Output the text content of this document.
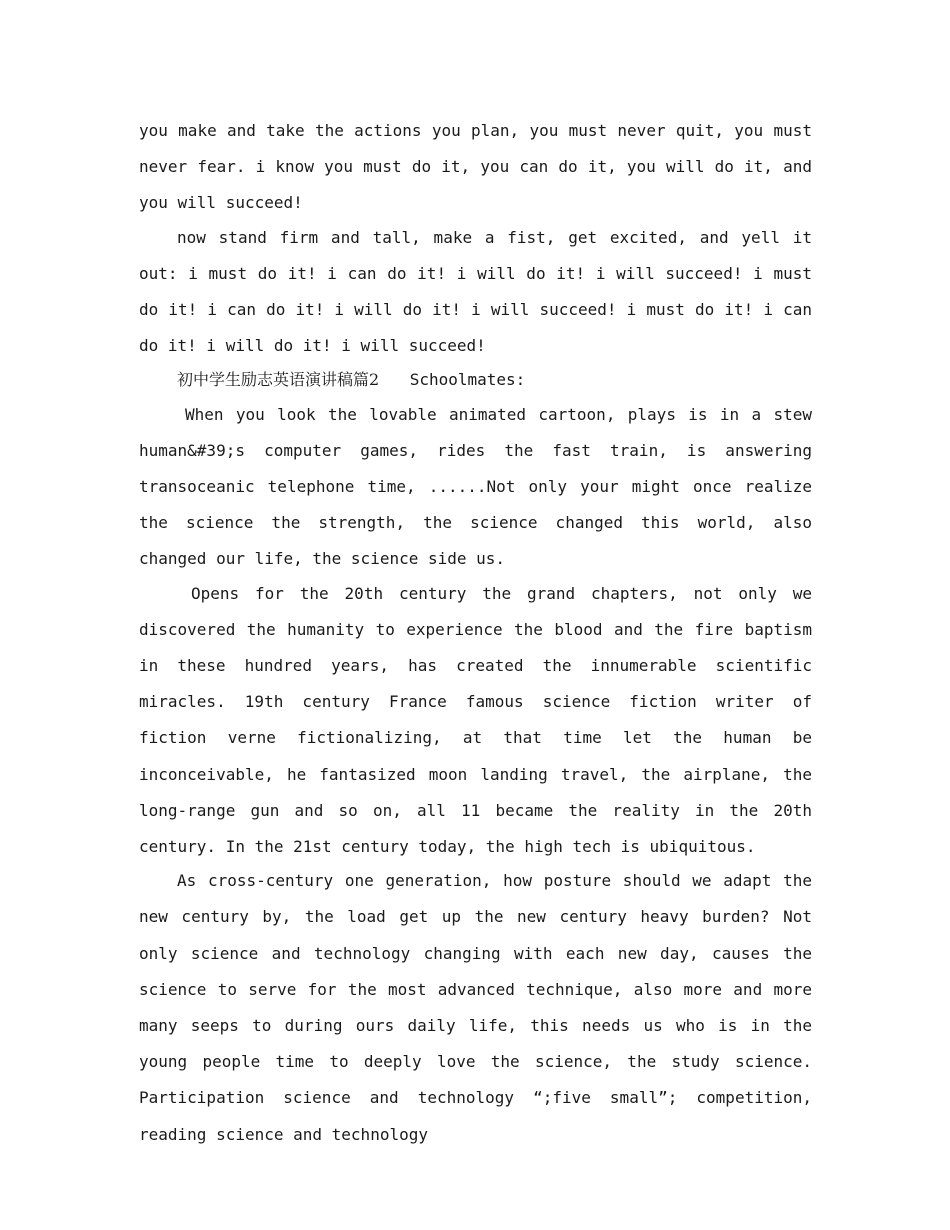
you make and take the actions you plan, you must never quit, you must never fear. i know you must do it, you can do it, you will do it, and you will succeed!

now stand firm and tall, make a fist, get excited, and yell it out: i must do it! i can do it! i will do it! i will succeed! i must do it! i can do it! i will do it! i will succeed! i must do it! i can do it! i will do it! i will succeed!

初中学生励志英语演讲稿篇2 Schoolmates:

When you look the lovable animated cartoon, plays is in a stew human&#39;s computer games, rides the fast train, is answering transoceanic telephone time, ......Not only your might once realize the science the strength, the science changed this world, also changed our life, the science side us.

Opens for the 20th century the grand chapters, not only we discovered the humanity to experience the blood and the fire baptism in these hundred years, has created the innumerable scientific miracles. 19th century France famous science fiction writer of fiction verne fictionalizing, at that time let the human be inconceivable, he fantasized moon landing travel, the airplane, the long-range gun and so on, all 11 became the reality in the 20th century. In the 21st century today, the high tech is ubiquitous.

As cross-century one generation, how posture should we adapt the new century by, the load get up the new century heavy burden? Not only science and technology changing with each new day, causes the science to serve for the most advanced technique, also more and more many seeps to during ours daily life, this needs us who is in the young people time to deeply love the science, the study science. Participation science and technology “;five small”; competition, reading science and technology
